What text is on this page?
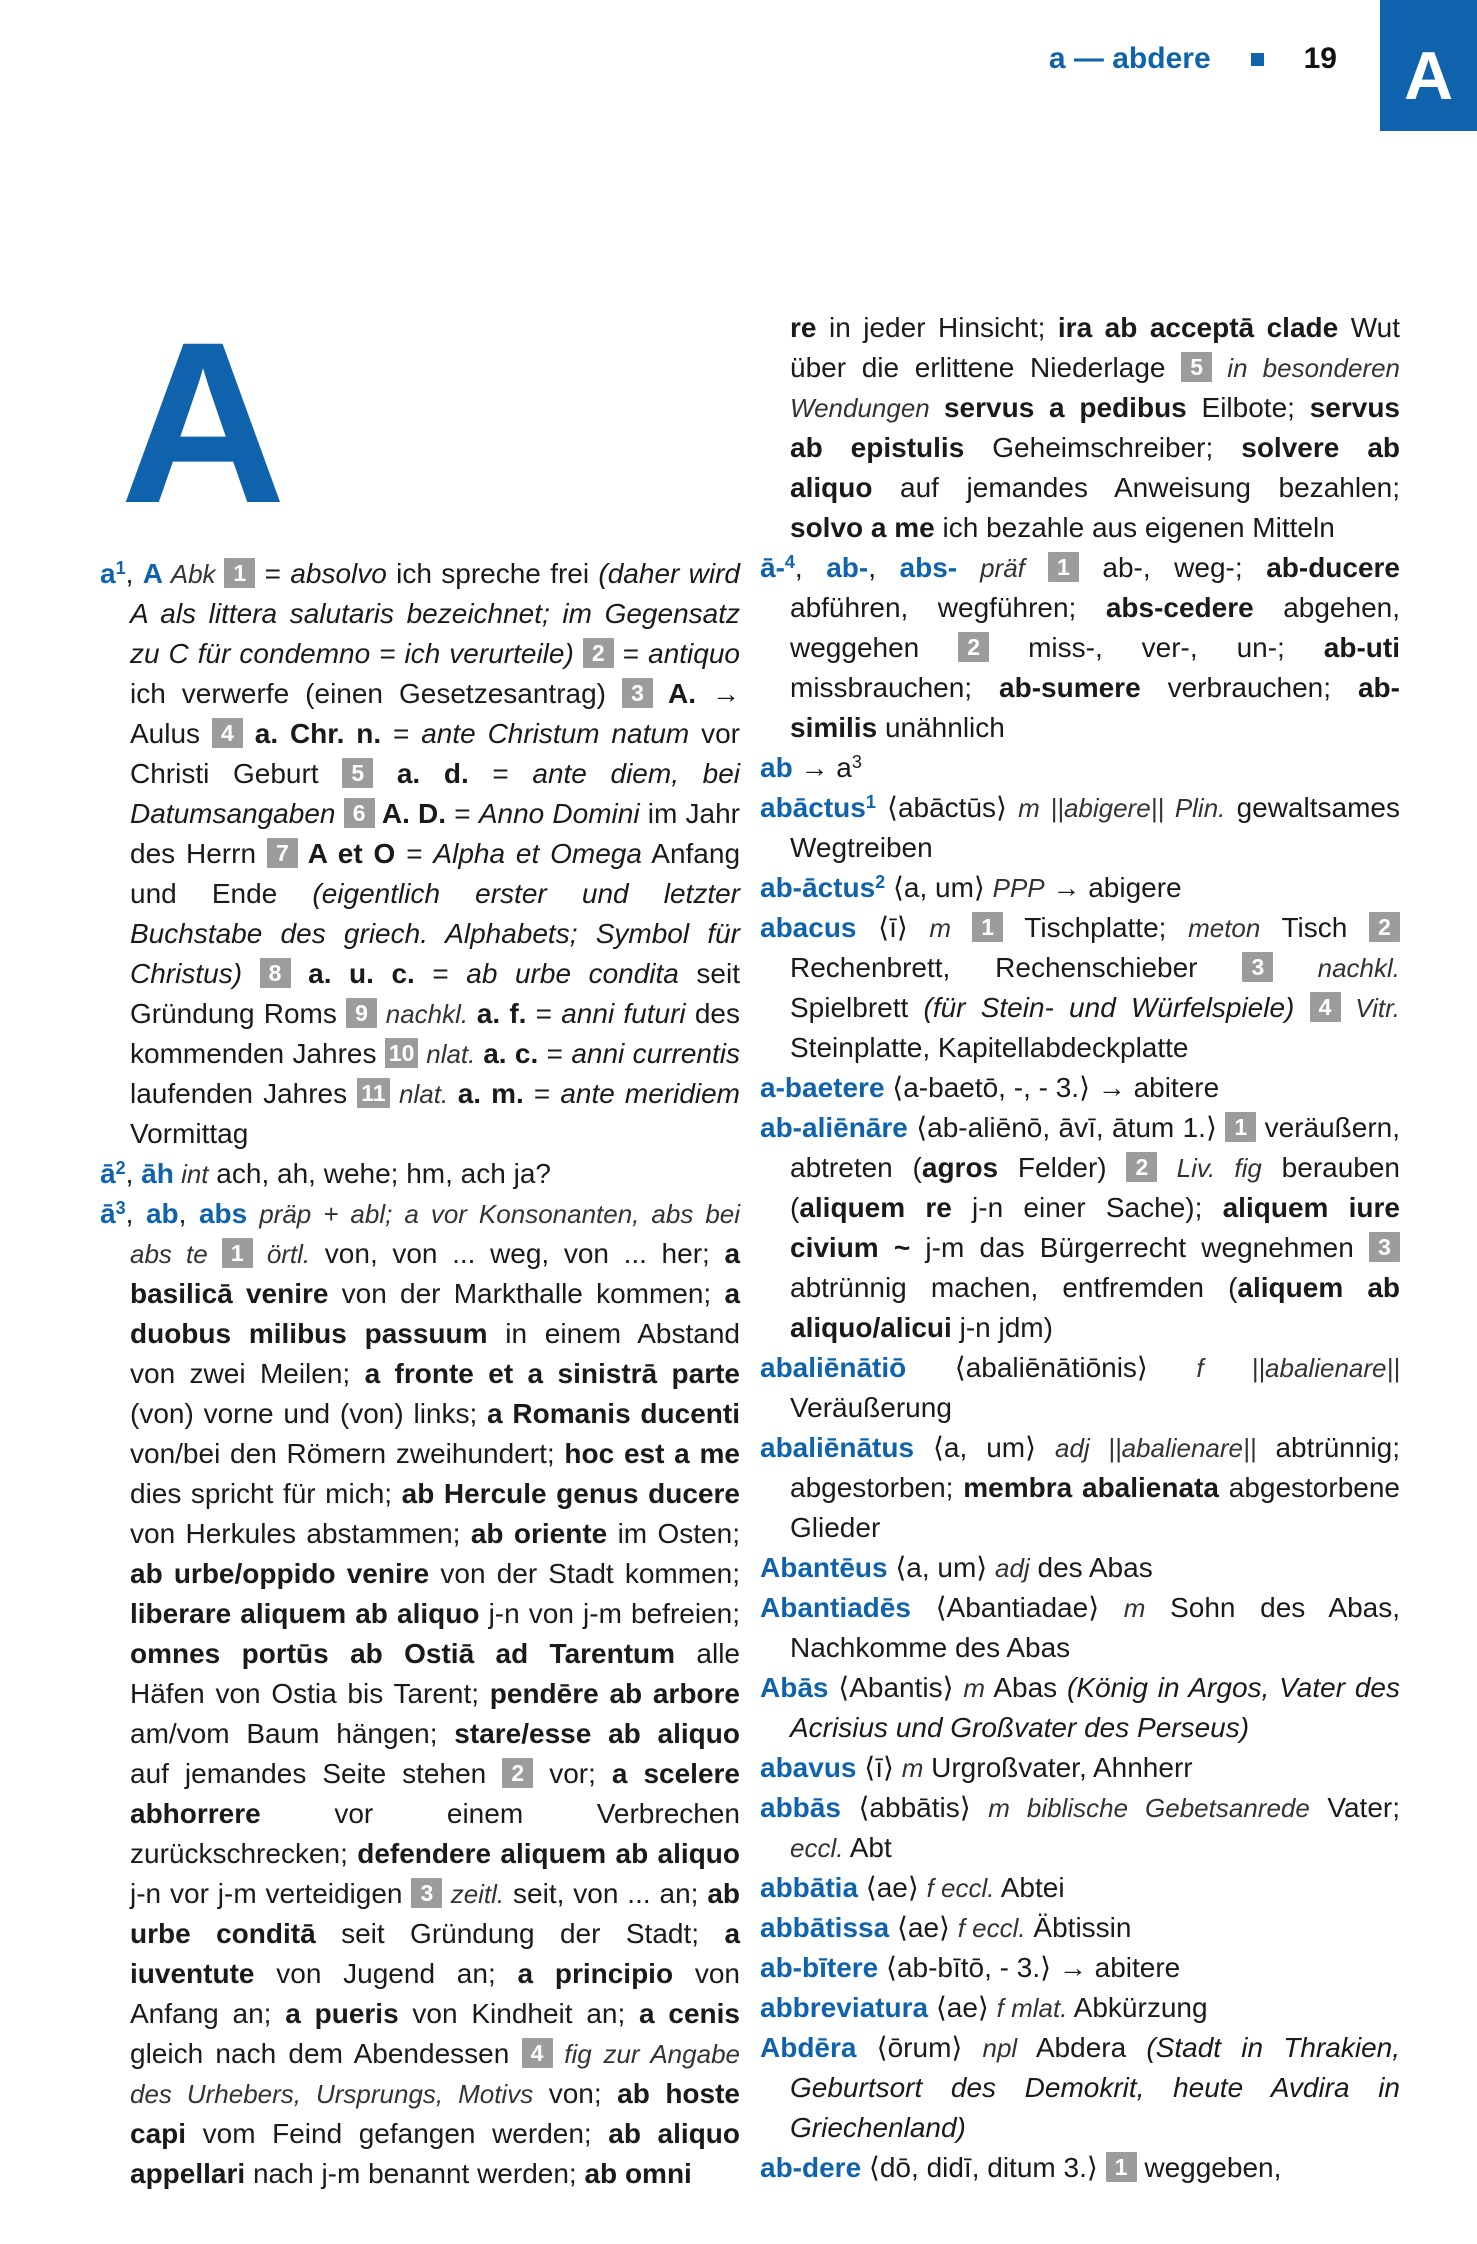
a — abdere	19 A
A

$a^1$, A Abk 1 = absolvo ich spreche frei (daher wird A als littera salutaris bezeichnet; im Gegensatz zu C für condemno = ich verurteile) 2 = antiquo ich verwerfe (einen Gesetzesantrag) 3 A. → Aulus 4 a. Chr. n. = ante Christum natum vor Christi Geburt 5 a. d. = ante diem, bei Datumsangaben 6 A. D. = Anno Domini im Jahr des Herrn 7 A et O = Alpha et Omega Anfang und Ende (eigentlich erster und letzter Buchstabe des griech. Alphabets; Symbol für Christus) 8 a. u. c. = ab urbe condita seit Gründung Roms 9 nachkl. a. f. = anni futuri des kommenden Jahres 10 nlat. a. c. = anni currentis laufenden Jahres 11 nlat. a. m. = ante meridiem Vormittag

$ā^2$, āh int ach, ah, wehe; hm, ach ja?

$ā^3$, ab, abs präp + abl; a vor Konsonanten, abs bei abs te 1 örtl. von, von ... weg, von ... her; a basilicā venire von der Markthalle kommen; a duobus milibus passuum in einem Abstand von zwei Meilen; a fronte et a sinistrā parte (von) vorne und (von) links; a Romanis ducenti von/bei den Römern zweihundert; hoc est a me dies spricht für mich; ab Hercule genus ducere von Herkules abstammen; ab oriente im Osten; ab urbe/oppido venire von der Stadt kommen; liberare aliquem ab aliquo j-n von j-m befreien; omnes portūs ab Ostiā ad Tarentum alle Häfen von Ostia bis Tarent; pendēre ab arbore am/vom Baum hängen; stare/esse ab aliquo auf jemandes Seite stehen 2 vor; a scelere abhorrere vor einem Verbrechen zurückschrecken; defendere aliquem ab aliquo j-n vor j-m verteidigen 3 zeitl. seit, von ... an; ab urbe conditā seit Gründung der Stadt; a iuventute von Jugend an; a principio von Anfang an; a pueris von Kindheit an; a cenis gleich nach dem Abendessen 4 fig zur Angabe des Urhebers, Ursprungs, Motivs von; ab hoste capi vom Feind gefangen werden; ab aliquo appellari nach j-m benannt werden; ab omni

re in jeder Hinsicht; ira ab acceptā clade Wut über die erlittene Niederlage 5 in besonderen Wendungen servus a pedibus Eilbote; servus ab epistulis Geheimschreiber; solvere ab aliquo auf jemandes Anweisung bezahlen; solvo a me ich bezahle aus eigenen Mitteln

ā-$^4$, ab-, abs- präf 1 ab-, weg-; ab-ducere abführen, wegführen; abs-cedere abgehen, weggehen 2 miss-, ver-, un-; ab-uti missbrauchen; ab-sumere verbrauchen; ab-similis unähnlich

ab → $a^3$

abāctus$^1$ ⟨abāctūs⟩ m ||abigere|| Plin. gewaltsames Wegtreiben

ab-āctus$^2$ ⟨a, um⟩ PPP → abigere

abacus ⟨ī⟩ m 1 Tischplatte; meton Tisch 2 Rechenbrett, Rechenschieber 3 nachkl. Spielbrett (für Stein- und Würfelspiele) 4 Vitr. Steinplatte, Kapitellabdeckplatte

a-baetere ⟨a-baetō, -, - 3.⟩ → abitere

ab-aliēnāre ⟨ab-aliēnō, āvī, ātum 1.⟩ 1 veräußern, abtreten (agros Felder) 2 Liv. fig berauben (aliquem re j-n einer Sache); aliquem iure civium ~ j-m das Bürgerrecht wegnehmen 3 abtrünnig machen, entfremden (aliquem ab aliquo/alicui j-n jdm)

abaliēnātiō ⟨abaliēnātiōnis⟩ f ||abalienare|| Veräußerung

abaliēnātus ⟨a, um⟩ adj ||abalienare|| abtrünnig; abgestorben; membra abalienata abgestorbene Glieder

Abantēus ⟨a, um⟩ adj des Abas

Abantiadēs ⟨Abantiadae⟩ m Sohn des Abas, Nachkomme des Abas

Abās ⟨Abantis⟩ m Abas (König in Argos, Vater des Acrisius und Großvater des Perseus)

abavus ⟨ī⟩ m Urgroßvater, Ahnherr

abbās ⟨abbātis⟩ m biblische Gebetsanrede Vater; eccl. Abt

abbātia ⟨ae⟩ f eccl. Abtei

abbātissa ⟨ae⟩ f eccl. Äbtissin

ab-bītere ⟨ab-bītō, - 3.⟩ → abitere

abbreviatura ⟨ae⟩ f mlat. Abkürzung

Abdēra ⟨ōrum⟩ npl Abdera (Stadt in Thrakien, Geburtsort des Demokrit, heute Avdira in Griechenland)

ab-dere ⟨dō, didī, ditum 3.⟩ 1 weggeben,
